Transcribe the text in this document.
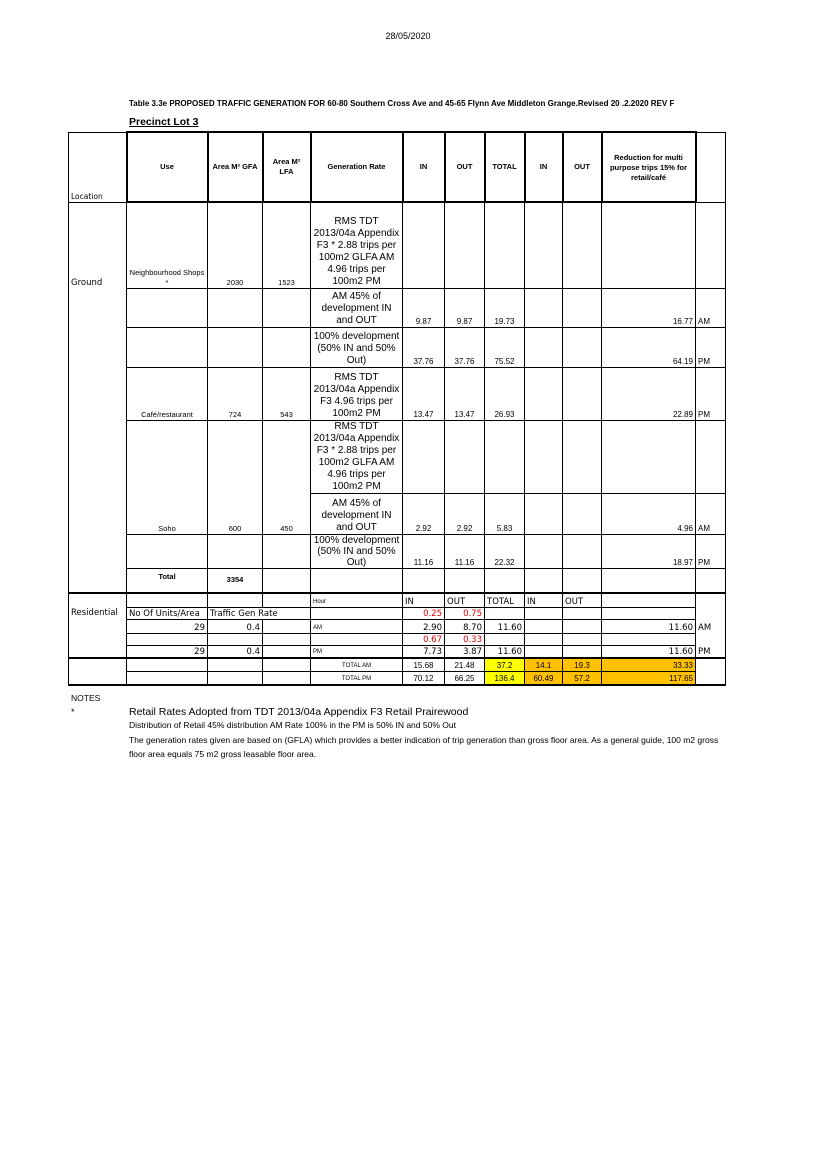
28/05/2020
Table 3.3e PROPOSED TRAFFIC GENERATION FOR 60-80 Southern Cross Ave and 45-65 Flynn Ave Middleton Grange.Revised 20 .2.2020 REV F
Precinct Lot 3
Location	Use	Area M² GFA	Area M² LFA	Generation Rate	IN	OUT	TOTAL	IN	OUT	Reduction for multi purpose trips 15% for retail/café	
Ground	Neighbourhood Shops *	2030	1523	RMS TDT 2013/04a Appendix F3 * 2.88 trips per 100m2 GLFA AM 4.96 trips per 100m2 PM							
				AM 45% of development IN and OUT	9.87	9.87	19.73			16.77	AM
				100% development (50% IN and 50% Out)	37.76	37.76	75.52			64.19	PM
	Café/restaurant	724	543	RMS TDT 2013/04a Appendix F3 4.96 trips per 100m2 PM	13.47	13.47	26.93			22.89	PM
				RMS TDT 2013/04a Appendix F3 * 2.88 trips per 100m2 GLFA AM 4.96 trips per 100m2 PM							
	Soho	600	450	AM 45% of development IN and OUT	2.92	2.92	5.83			4.96	AM
				100% development (50% IN and 50% Out)	11.16	11.16	22.32			18.97	PM
	Total	3354									
				Hour	IN	OUT	TOTAL	IN	OUT		
Residential	No Of Units/Area	Traffic Gen Rate			0.25	0.75					
	29	0.4		AM	2.90	8.70	11.60			11.60	AM
					0.67	0.33					
	29	0.4		PM	7.73	3.87	11.60			11.60	PM
				TOTAL AM	15.68	21.48	37.2	14.1	19.3	33.33	
				TOTAL PM	70.12	66.25	136.4	60.49	57.2	117.65	
NOTES
*	Retail Rates Adopted from TDT 2013/04a Appendix F3 Retail Prairewood
Distribution of Retail 45% distribution AM Rate 100% in the PM is 50% IN and 50% Out
The generation rates given are based on (GFLA) which provides a better indication of trip generation than gross floor area. As a general guide, 100 m2 gross floor area equals 75 m2 gross leasable floor area.
